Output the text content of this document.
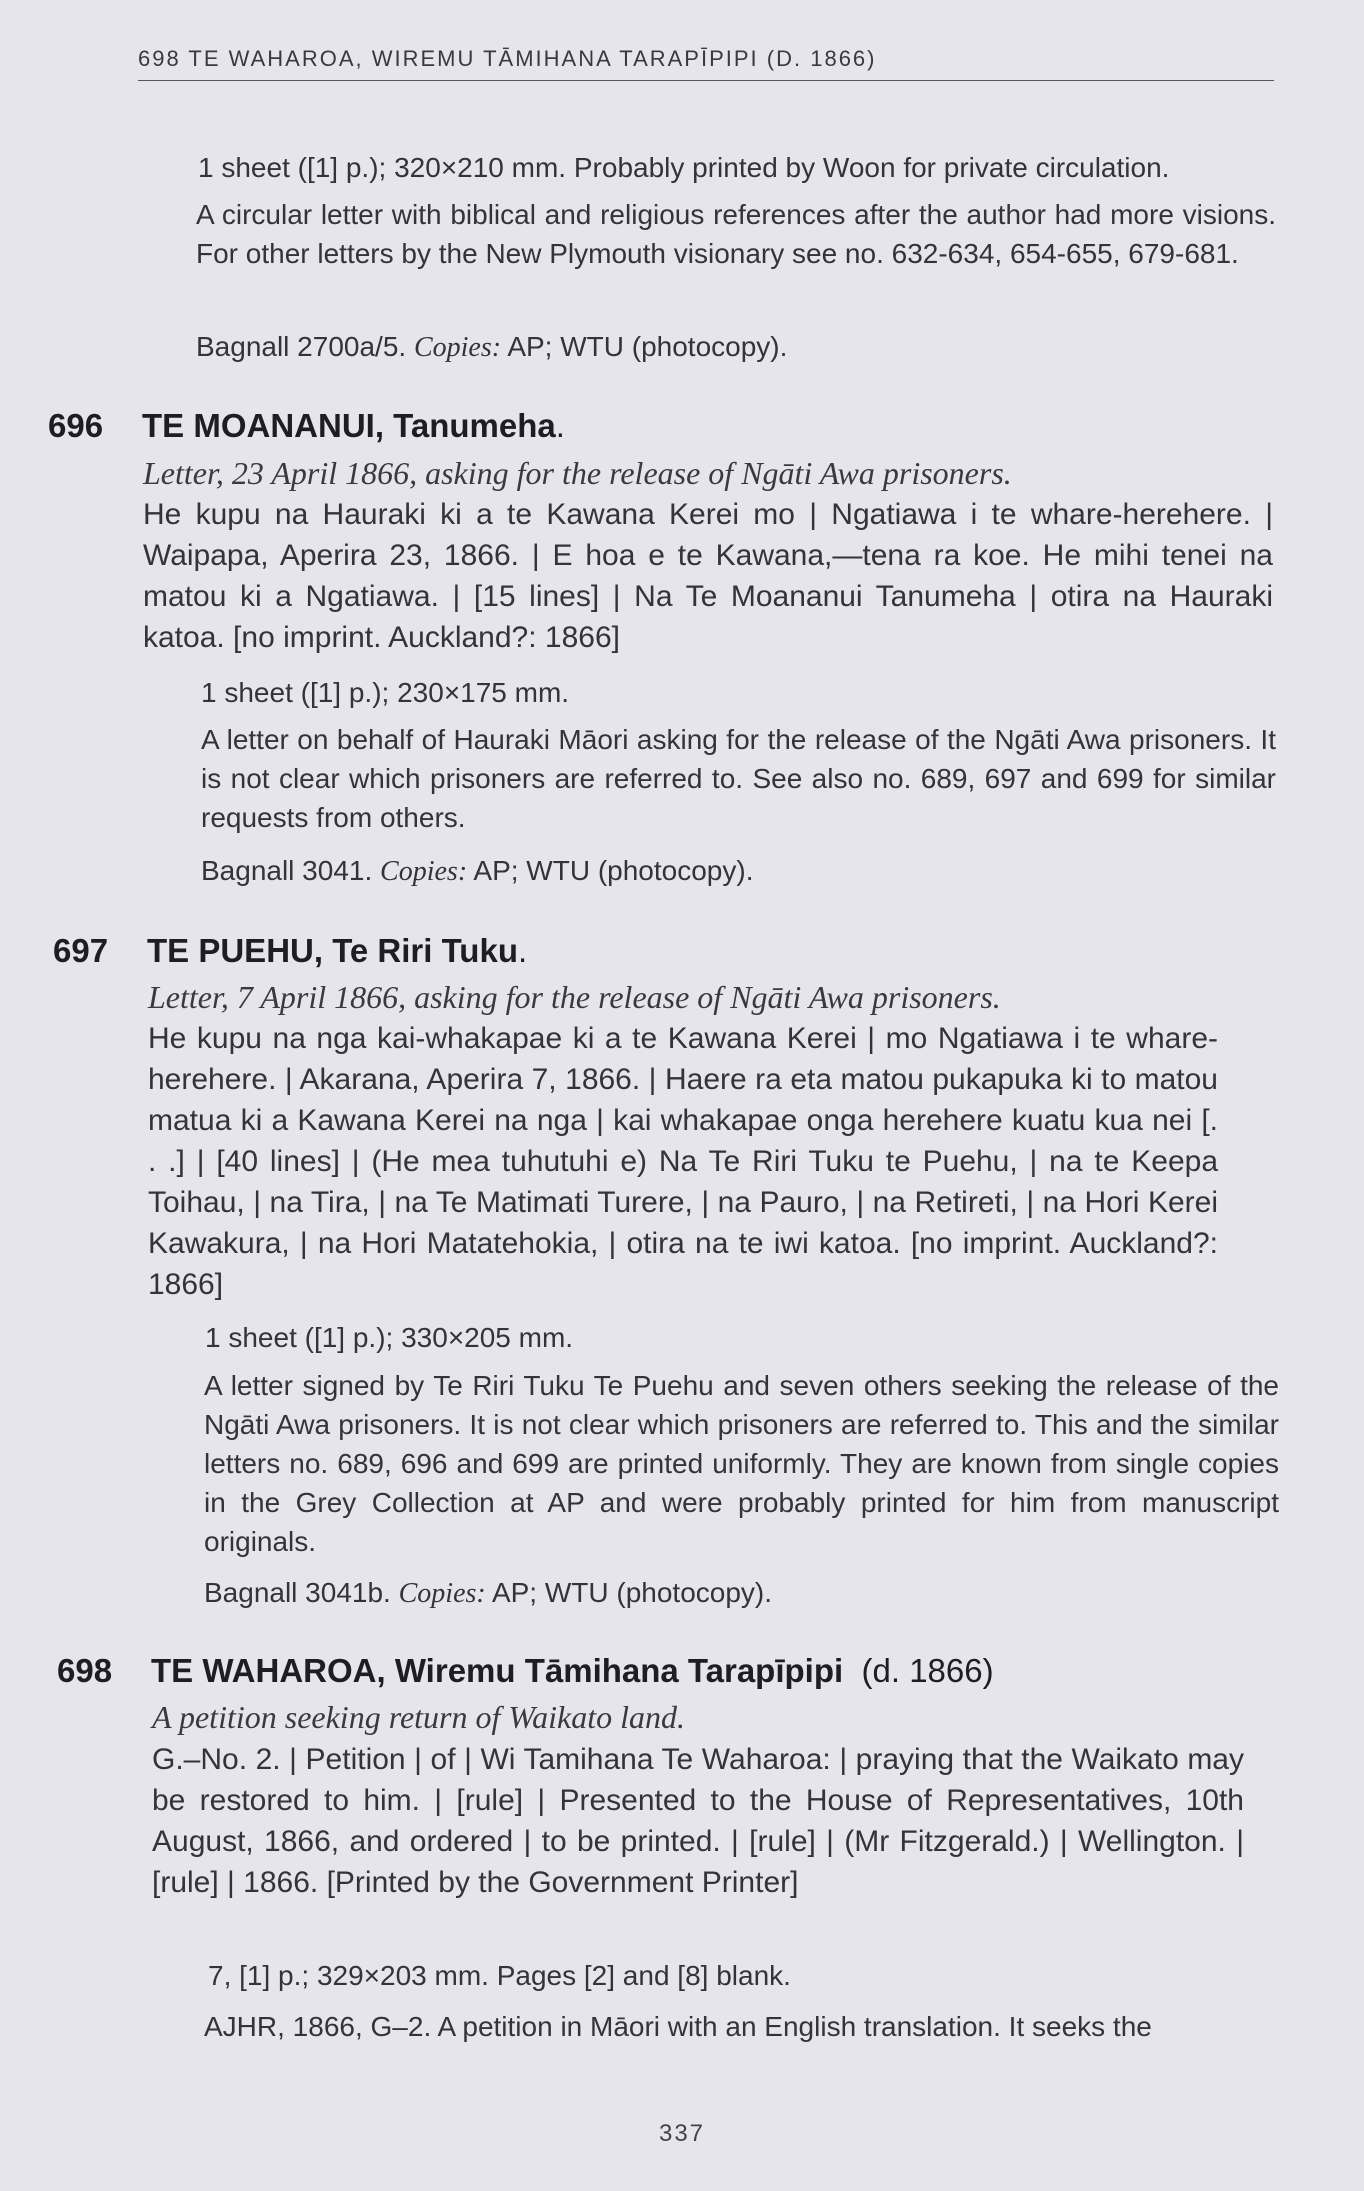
698 TE WAHAROA, WIREMU TĀMIHANA TARAPĪPIPI (D. 1866)
1 sheet ([1] p.); 320×210 mm. Probably printed by Woon for private circulation.
A circular letter with biblical and religious references after the author had more visions. For other letters by the New Plymouth visionary see no. 632-634, 654-655, 679-681.
Bagnall 2700a/5. Copies: AP; WTU (photocopy).
696 TE MOANANUI, Tanumeha.
Letter, 23 April 1866, asking for the release of Ngāti Awa prisoners.
He kupu na Hauraki ki a te Kawana Kerei mo | Ngatiawa i te whare-herehere. | Waipapa, Aperira 23, 1866. | E hoa e te Kawana,—tena ra koe. He mihi tenei na matou ki a Ngatiawa. | [15 lines] | Na Te Moananui Tanumeha | otira na Hauraki katoa. [no imprint. Auckland?: 1866]
1 sheet ([1] p.); 230×175 mm.
A letter on behalf of Hauraki Māori asking for the release of the Ngāti Awa prisoners. It is not clear which prisoners are referred to. See also no. 689, 697 and 699 for similar requests from others.
Bagnall 3041. Copies: AP; WTU (photocopy).
697 TE PUEHU, Te Riri Tuku.
Letter, 7 April 1866, asking for the release of Ngāti Awa prisoners.
He kupu na nga kai-whakapae ki a te Kawana Kerei | mo Ngatiawa i te whare-herehere. | Akarana, Aperira 7, 1866. | Haere ra eta matou pukapuka ki to matou matua ki a Kawana Kerei na nga | kai whakapae onga herehere kuatu kua nei [. . .] | [40 lines] | (He mea tuhutuhi e) Na Te Riri Tuku te Puehu, | na te Keepa Toihau, | na Tira, | na Te Matimati Turere, | na Pauro, | na Retireti, | na Hori Kerei Kawakura, | na Hori Matatehokia, | otira na te iwi katoa. [no imprint. Auckland?: 1866]
1 sheet ([1] p.); 330×205 mm.
A letter signed by Te Riri Tuku Te Puehu and seven others seeking the release of the Ngāti Awa prisoners. It is not clear which prisoners are referred to. This and the similar letters no. 689, 696 and 699 are printed uniformly. They are known from single copies in the Grey Collection at AP and were probably printed for him from manuscript originals.
Bagnall 3041b. Copies: AP; WTU (photocopy).
698 TE WAHAROA, Wiremu Tāmihana Tarapīpipi (d. 1866)
A petition seeking return of Waikato land.
G.–No. 2. | Petition | of | Wi Tamihana Te Waharoa: | praying that the Waikato may be restored to him. | [rule] | Presented to the House of Representatives, 10th August, 1866, and ordered | to be printed. | [rule] | (Mr Fitzgerald.) | Wellington. | [rule] | 1866. [Printed by the Government Printer]
7, [1] p.; 329×203 mm. Pages [2] and [8] blank.
AJHR, 1866, G–2. A petition in Māori with an English translation. It seeks the
337
